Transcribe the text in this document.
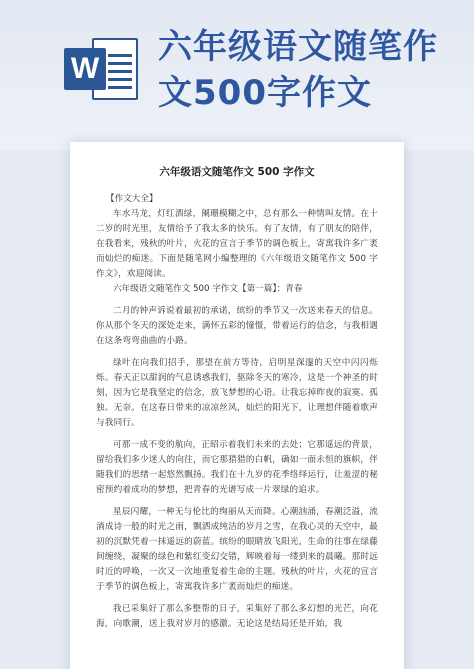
W
六年级语文随笔作文500字作文
六年级语文随笔作文 500 字作文
【作文大全】

车水马龙，灯红酒绿，阑珊模糊之中，总有那么一种情叫友情。在十二岁的时光里，友情给予了我太多的快乐。有了友情，有了朋友的陪伴，在我看来，残秋的叶片，火花的宣言于季节的调色板上，寄寓我许多广袤而灿烂的痴迷。下面是随笔网小编整理的《六年级语文随笔作文 500 字作文》，欢迎阅读。

六年级语文随笔作文 500 字作文【第一篇】：青春

二月的钟声诉说着最初的承诺，缤纷的季节又一次送来春天的信息。你从那个冬天的深处走来，满怀五彩的憧憬，带着运行的信念，与我相遇在这条弯弯曲曲的小路。

绿叶在向我们招手，那望在前方等待，启明星深邃的天空中闪闪烁烁。春天正以甜润的气息诱惑我们，驱除冬天的寒冷，这是一个神圣的时刻，因为它是我坚定的信念，放飞梦想的心语。让我忘掉昨夜的寂寞、孤独、无奈。在这春日带来的凉凉丝风，灿烂的阳光下，让理想伴随着歌声与我同行。

可那一成不变的航向，正昭示着我们未来的去处；它那遥远的背景，留给我们多少迷人的向往，而它那猎猎的白帆，确如一面永恒的旗帜，伴随我们的思绪一起悠然飘扬。我们在十九岁的花季络绎运行，让羞涩的秘密预约着成功的梦想，把青春的光谱写成一片翠绿的追求。

星辰闪耀，一种无与伦比的绚丽从天而降。心潮汹涌，春潮泛溢，流淌成诗一般的时光之雨，飘洒成纯洁的岁月之雪，在我心灵的天空中，最初的沉默凭着一抹遥远的蔚蓝。缤纷的眼睛放飞阳光，生命的往事在绿藤间缠绕，凝聚的绿色和紫红变幻交错，辉映着每一缕到来的晨曦。那时远时近的呼唤，一次又一次地重复着生命的主题。残秋的叶片，火花的宣言于季节的调色板上，寄寓我许多广袤而灿烂的痴迷。

我已采集好了那么多整帮的日子，采集好了那么多幻想的光芒，向花海，向歌潮，送上我对岁月的感激。无论这是结局还是开始，我
